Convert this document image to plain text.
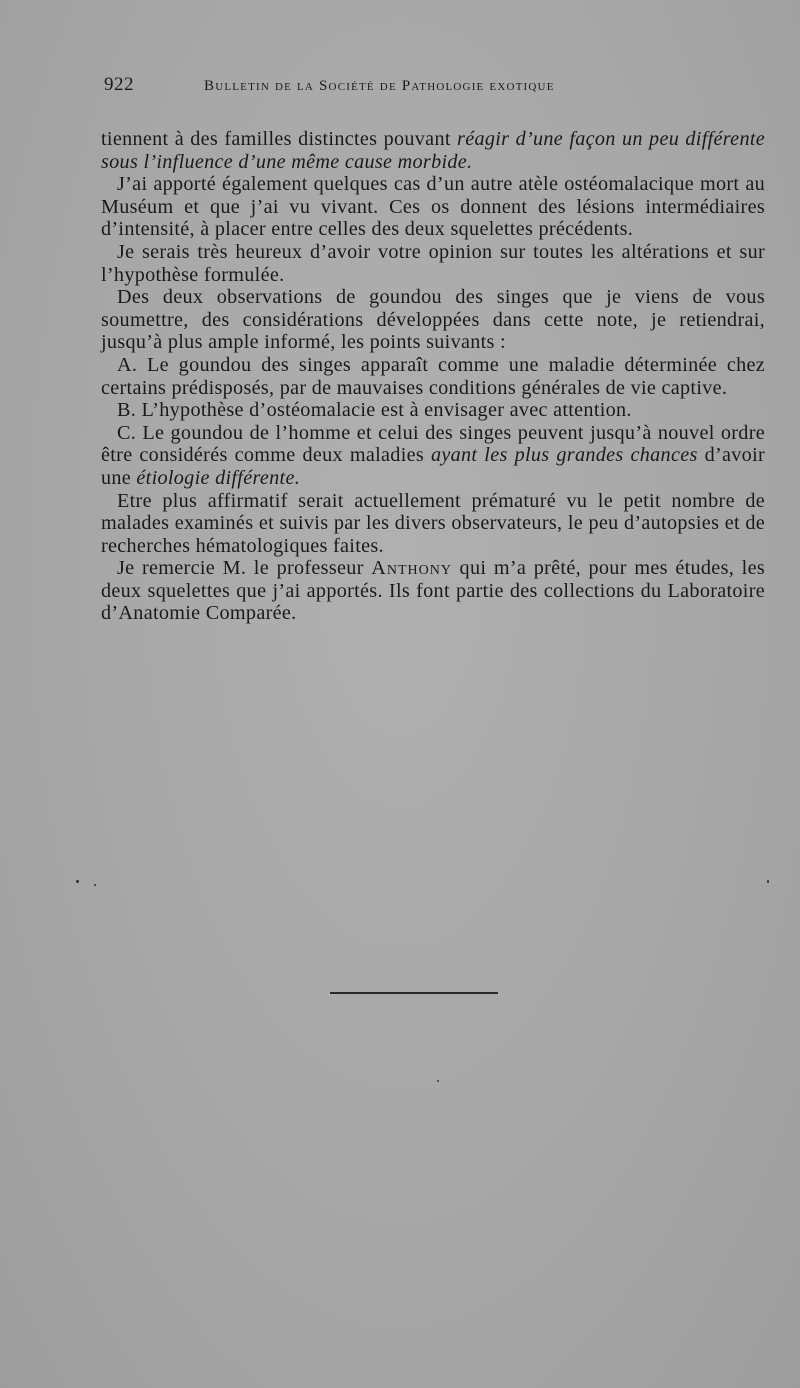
922	Bulletin de la Société de Pathologie exotique

tiennent à des familles distinctes pouvant réagir d’une façon un peu différente sous l’influence d’une même cause morbide.

J’ai apporté également quelques cas d’un autre atèle ostéomalacique mort au Muséum et que j’ai vu vivant. Ces os donnent des lésions intermédiaires d’intensité, à placer entre celles des deux squelettes précédents.

Je serais très heureux d’avoir votre opinion sur toutes les altérations et sur l’hypothèse formulée.

Des deux observations de goundou des singes que je viens de vous soumettre, des considérations développées dans cette note, je retiendrai, jusqu’à plus ample informé, les points suivants :

A. Le goundou des singes apparaît comme une maladie déterminée chez certains prédisposés, par de mauvaises conditions générales de vie captive.

B. L’hypothèse d’ostéomalacie est à envisager avec attention.

C. Le goundou de l’homme et celui des singes peuvent jusqu’à nouvel ordre être considérés comme deux maladies ayant les plus grandes chances d’avoir une étiologie différente.

Etre plus affirmatif serait actuellement prématuré vu le petit nombre de malades examinés et suivis par les divers observateurs, le peu d’autopsies et de recherches hématologiques faites.

Je remercie M. le professeur Anthony qui m’a prêté, pour mes études, les deux squelettes que j’ai apportés. Ils font partie des collections du Laboratoire d’Anatomie Comparée.
